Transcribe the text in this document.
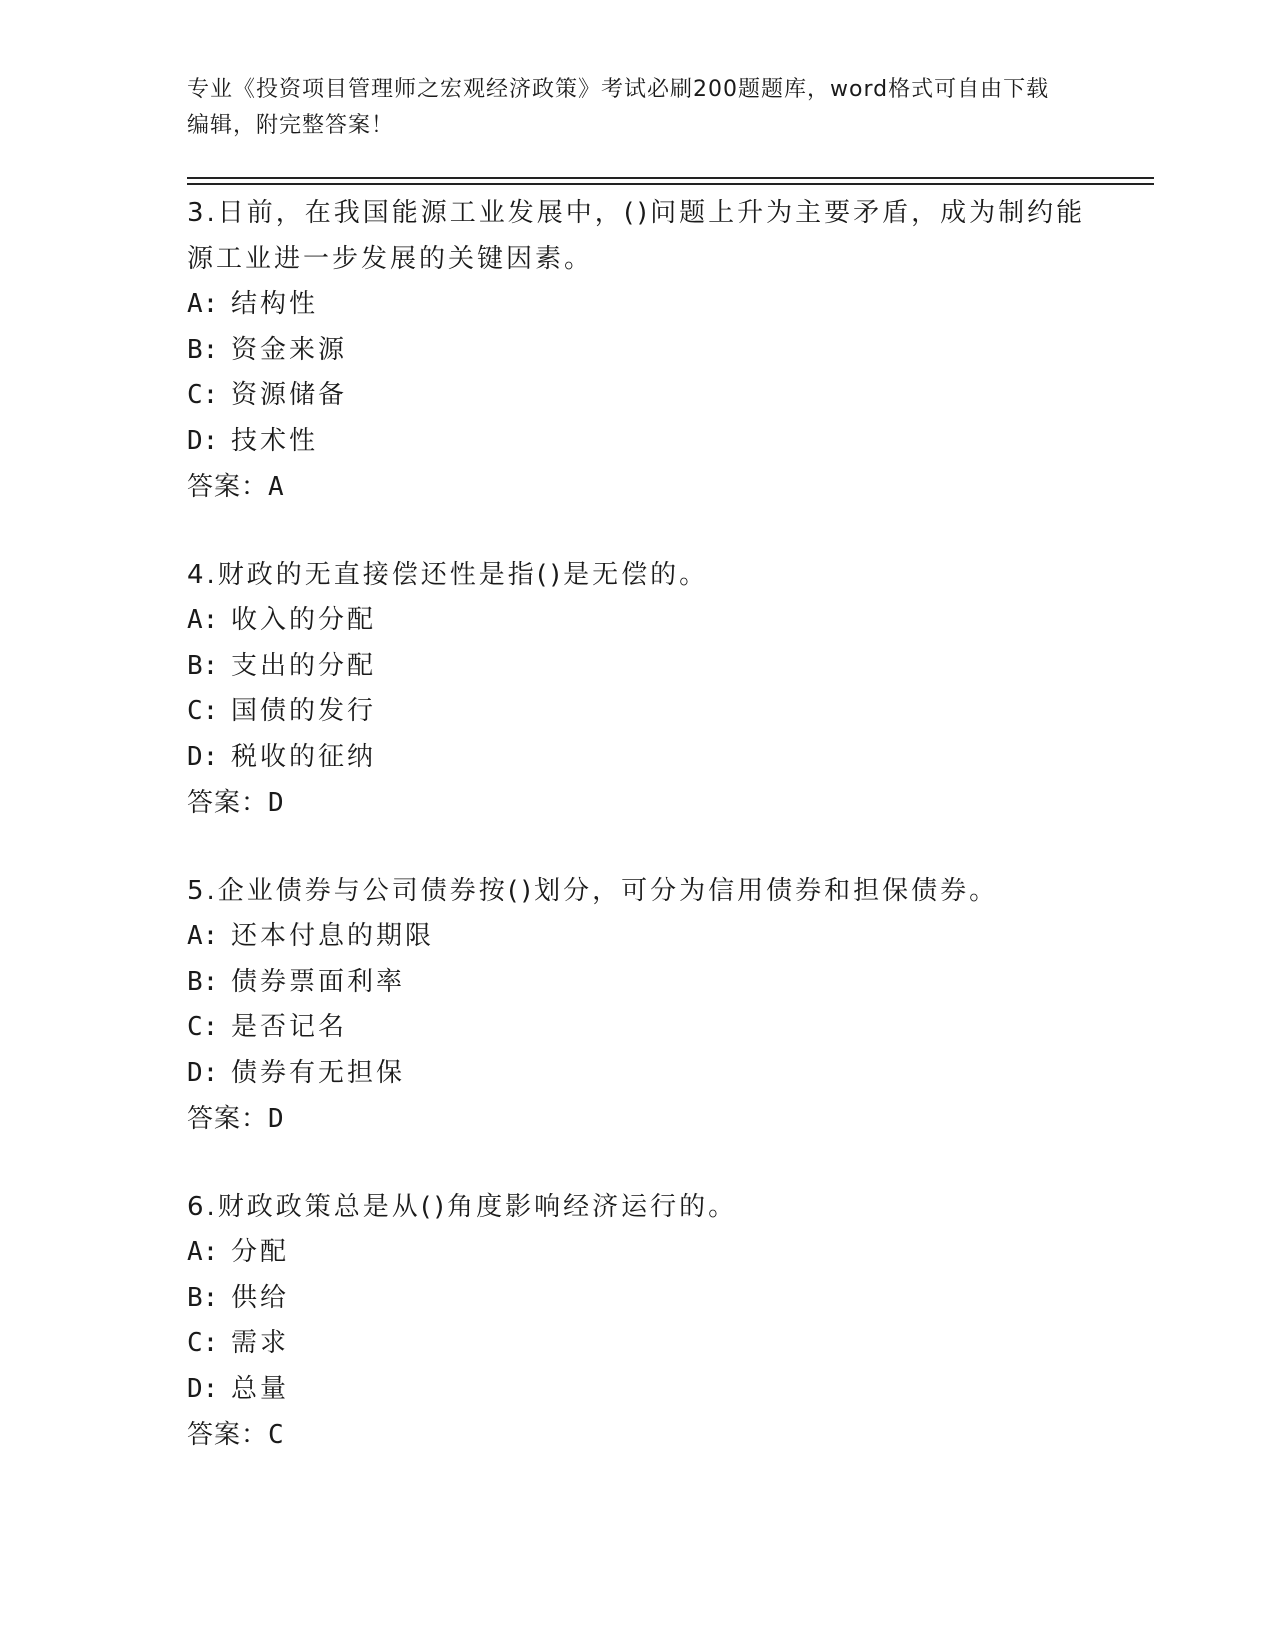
专业《投资项目管理师之宏观经济政策》考试必刷200题题库，word格式可自由下载编辑，附完整答案！
3.日前，在我国能源工业发展中，()问题上升为主要矛盾，成为制约能源工业进一步发展的关键因素。
A: 结构性
B: 资金来源
C: 资源储备
D: 技术性
答案：A
4.财政的无直接偿还性是指()是无偿的。
A: 收入的分配
B: 支出的分配
C: 国债的发行
D: 税收的征纳
答案：D
5.企业债券与公司债券按()划分，可分为信用债券和担保债券。
A: 还本付息的期限
B: 债券票面利率
C: 是否记名
D: 债券有无担保
答案：D
6.财政政策总是从()角度影响经济运行的。
A: 分配
B: 供给
C: 需求
D: 总量
答案：C
